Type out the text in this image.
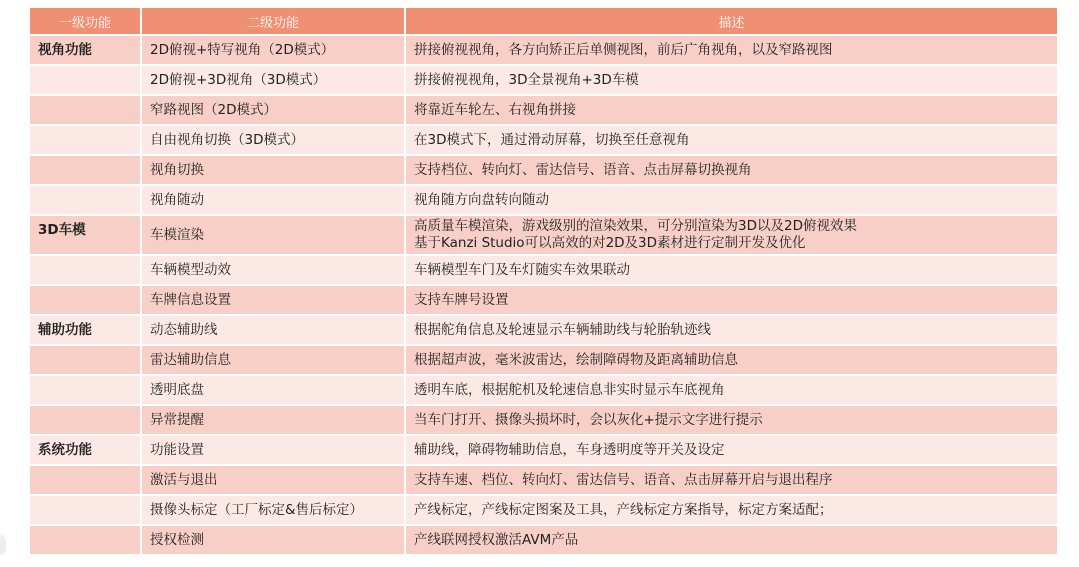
一级功能	二级功能	描述
视角功能	2D俯视+特写视角（2D模式）	拼接俯视视角，各方向矫正后单侧视图，前后广角视角，以及窄路视图

	2D俯视+3D视角（3D模式）	拼接俯视视角，3D全景视角+3D车模

	窄路视图（2D模式）	将靠近车轮左、右视角拼接

	自由视角切换（3D模式）	在3D模式下，通过滑动屏幕，切换至任意视角

	视角切换	支持档位、转向灯、雷达信号、语音、点击屏幕切换视角

	视角随动	视角随方向盘转向随动

3D车模	车模渲染	高质量车模渲染，游戏级别的渲染效果，可分别渲染为3D以及2D俯视效果
基于Kanzi Studio可以高效的对2D及3D素材进行定制开发及优化

	车辆模型动效	车辆模型车门及车灯随实车效果联动

	车牌信息设置	支持车牌号设置

辅助功能	动态辅助线	根据舵角信息及轮速显示车辆辅助线与轮胎轨迹线

	雷达辅助信息	根据超声波，毫米波雷达，绘制障碍物及距离辅助信息

	透明底盘	透明车底，根据舵机及轮速信息非实时显示车底视角

	异常提醒	当车门打开、摄像头损坏时，会以灰化+提示文字进行提示

系统功能	功能设置	辅助线，障碍物辅助信息，车身透明度等开关及设定

	激活与退出	支持车速、档位、转向灯、雷达信号、语音、点击屏幕开启与退出程序

	摄像头标定（工厂标定&售后标定）	产线标定，产线标定图案及工具，产线标定方案指导，标定方案适配；

	授权检测	产线联网授权激活AVM产品
